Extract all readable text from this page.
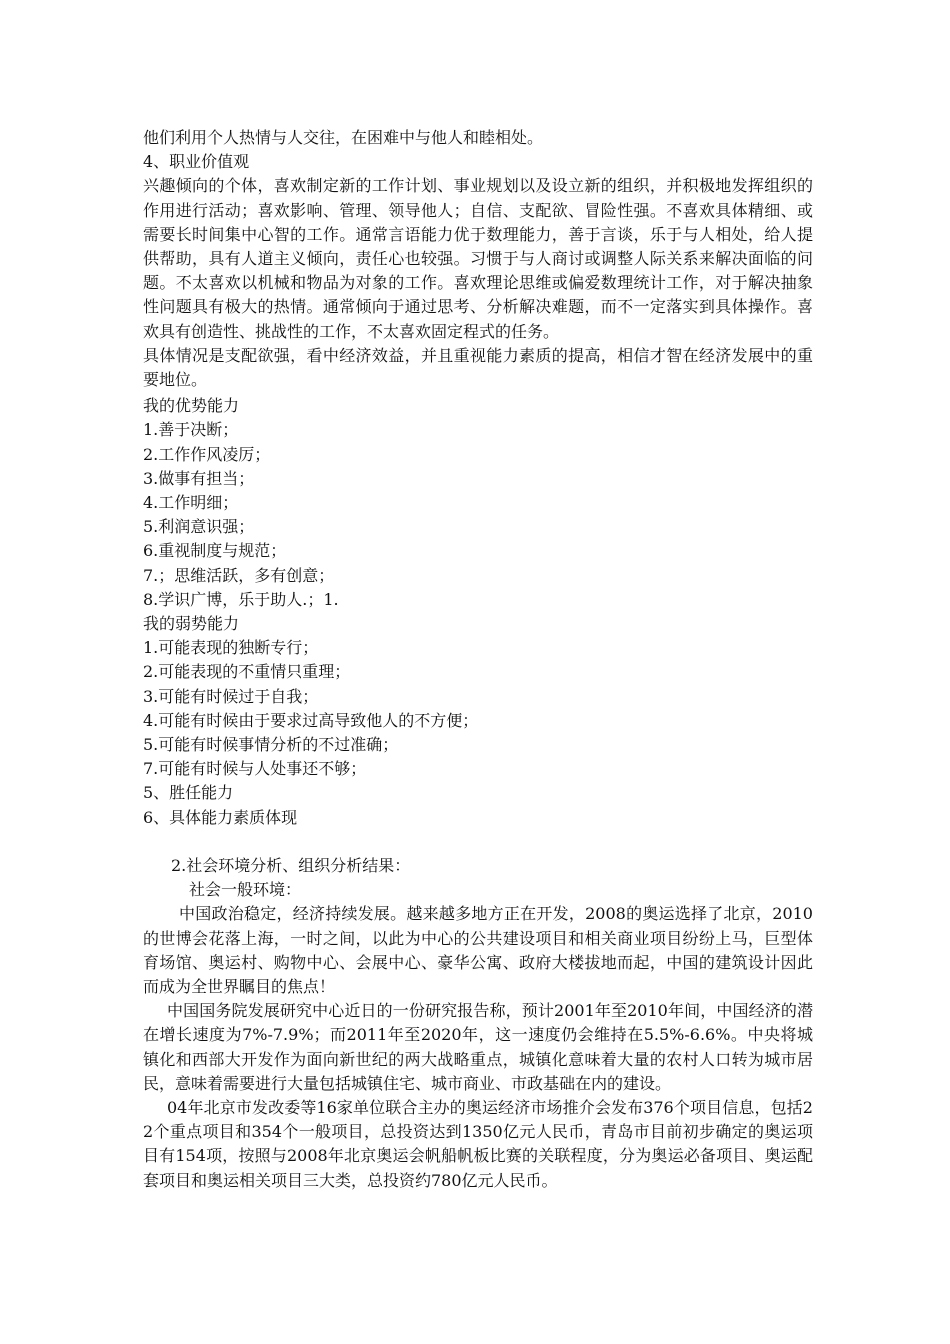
他们利用个人热情与人交往，在困难中与他人和睦相处。

4、职业价值观

兴趣倾向的个体，喜欢制定新的工作计划、事业规划以及设立新的组织，并积极地发挥组织的作用进行活动；喜欢影响、管理、领导他人；自信、支配欲、冒险性强。不喜欢具体精细、或需要长时间集中心智的工作。通常言语能力优于数理能力，善于言谈，乐于与人相处，给人提供帮助，具有人道主义倾向，责任心也较强。习惯于与人商讨或调整人际关系来解决面临的问题。不太喜欢以机械和物品为对象的工作。喜欢理论思维或偏爱数理统计工作，对于解决抽象性问题具有极大的热情。通常倾向于通过思考、分析解决难题，而不一定落实到具体操作。喜欢具有创造性、挑战性的工作，不太喜欢固定程式的任务。

具体情况是支配欲强，看中经济效益，并且重视能力素质的提高，相信才智在经济发展中的重要地位。

我的优势能力

1.善于决断；

2.工作作风凌厉；

3.做事有担当；

4.工作明细；

5.利润意识强；

6.重视制度与规范；

7.；思维活跃，多有创意；

8.学识广博，乐于助人.；1.

我的弱势能力

1.可能表现的独断专行；

2.可能表现的不重情只重理；

3.可能有时候过于自我；

4.可能有时候由于要求过高导致他人的不方便；

5.可能有时候事情分析的不过准确；

7.可能有时候与人处事还不够；

5、胜任能力

6、具体能力素质体现

2.社会环境分析、组织分析结果：

社会一般环境：

中国政治稳定，经济持续发展。越来越多地方正在开发，2008的奥运选择了北京，2010的世博会花落上海，一时之间，以此为中心的公共建设项目和相关商业项目纷纷上马，巨型体育场馆、奥运村、购物中心、会展中心、豪华公寓、政府大楼拔地而起，中国的建筑设计因此而成为全世界瞩目的焦点！

中国国务院发展研究中心近日的一份研究报告称，预计2001年至2010年间，中国经济的潜在增长速度为7%-7.9%；而2011年至2020年，这一速度仍会维持在5.5%-6.6%。中央将城镇化和西部大开发作为面向新世纪的两大战略重点，城镇化意味着大量的农村人口转为城市居民，意味着需要进行大量包括城镇住宅、城市商业、市政基础在内的建设。

04年北京市发改委等16家单位联合主办的奥运经济市场推介会发布376个项目信息，包括22个重点项目和354个一般项目，总投资达到1350亿元人民币，青岛市目前初步确定的奥运项目有154项，按照与2008年北京奥运会帆船帆板比赛的关联程度，分为奥运必备项目、奥运配套项目和奥运相关项目三大类，总投资约780亿元人民币。
